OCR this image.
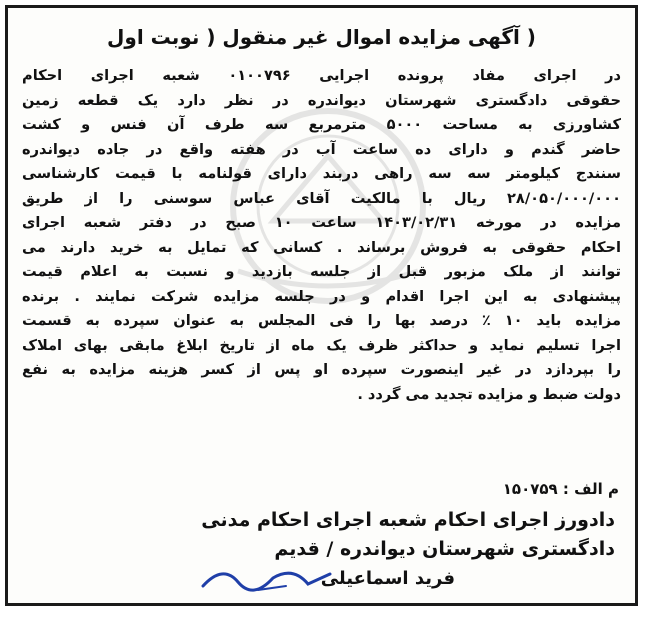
( آگهی مزایده اموال غیر منقول ( نوبت اول
در اجرای مفاد پرونده اجرایی ۰۱۰۰۷۹۶ شعبه اجرای احکام
حقوقی دادگستری شهرستان دیواندره در نظر دارد یک قطعه زمین
کشاورزی به مساحت ۵۰۰۰ مترمربع سه طرف آن فنس و کشت
حاضر گندم و دارای ده ساعت آب در هفته واقع در جاده دیواندره
سنندج کیلومتر سه سه راهی دربند دارای قولنامه با قیمت کارشناسی
۲۸/۰۵۰/۰۰۰/۰۰۰ ریال با مالکیت آقای عباس سوسنی را از طریق
مزایده در مورخه ۱۴۰۳/۰۲/۳۱ ساعت ۱۰ صبح در دفتر شعبه اجرای
احکام حقوقی به فروش برساند . کسانی که تمایل به خرید دارند می
توانند از ملک مزبور قبل از جلسه بازدید و نسبت به اعلام قیمت
پیشنهادی به این اجرا اقدام و در جلسه مزایده شرکت نمایند . برنده
مزایده باید ۱۰ ٪ درصد بها را فی المجلس به عنوان سپرده به قسمت
اجرا تسلیم نماید و حداکثر ظرف یک ماه از تاریخ ابلاغ مابقی بهای املاک
را بپردازد در غیر اینصورت سپرده او پس از کسر هزینه مزایده به نفع
دولت ضبط و مزایده تجدید می گردد .
م الف : ۱۵۰۷۵۹
دادورز اجرای احکام شعبه اجرای احکام مدنی
دادگستری شهرستان دیواندره / قدیم
فرید اسماعیلی
